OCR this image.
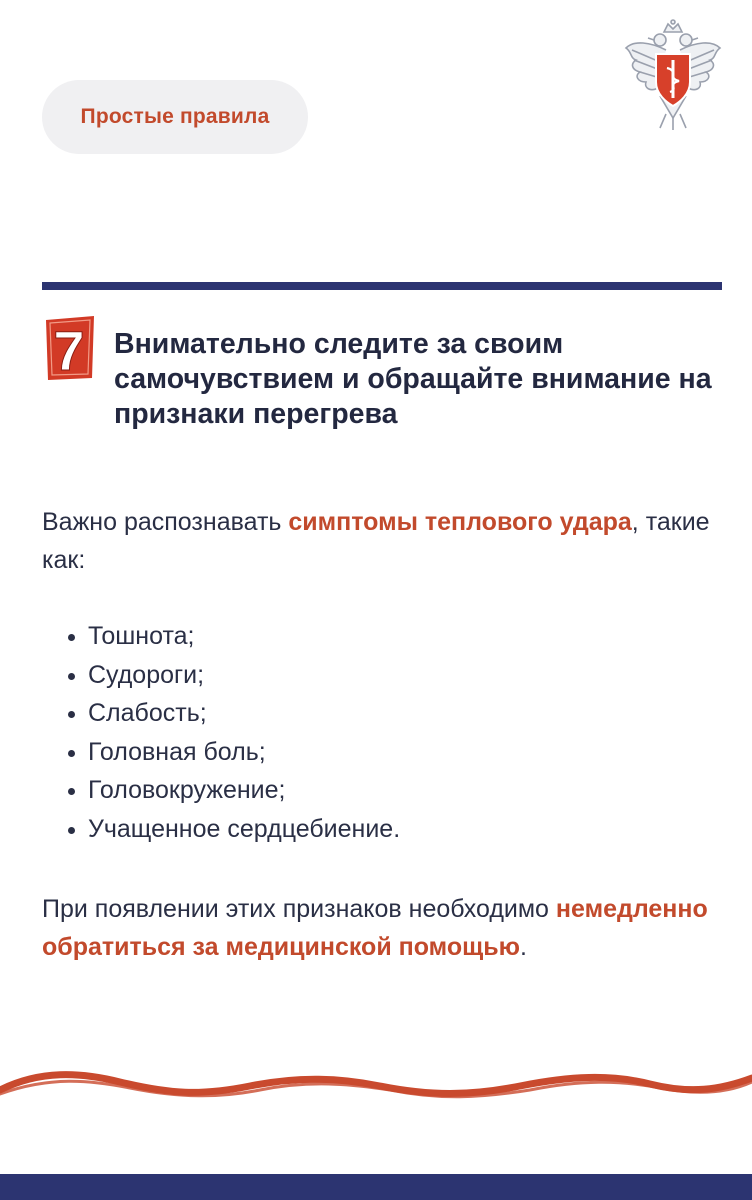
Простые правила
7 Внимательно следите за своим самочувствием и обращайте внимание на признаки перегрева

Важно распознавать симптомы теплового удара, такие как:

Тошнота;
Судороги;
Слабость;
Головная боль;
Головокружение;
Учащенное сердцебиение.

При появлении этих признаков необходимо немедленно обратиться за медицинской помощью.
